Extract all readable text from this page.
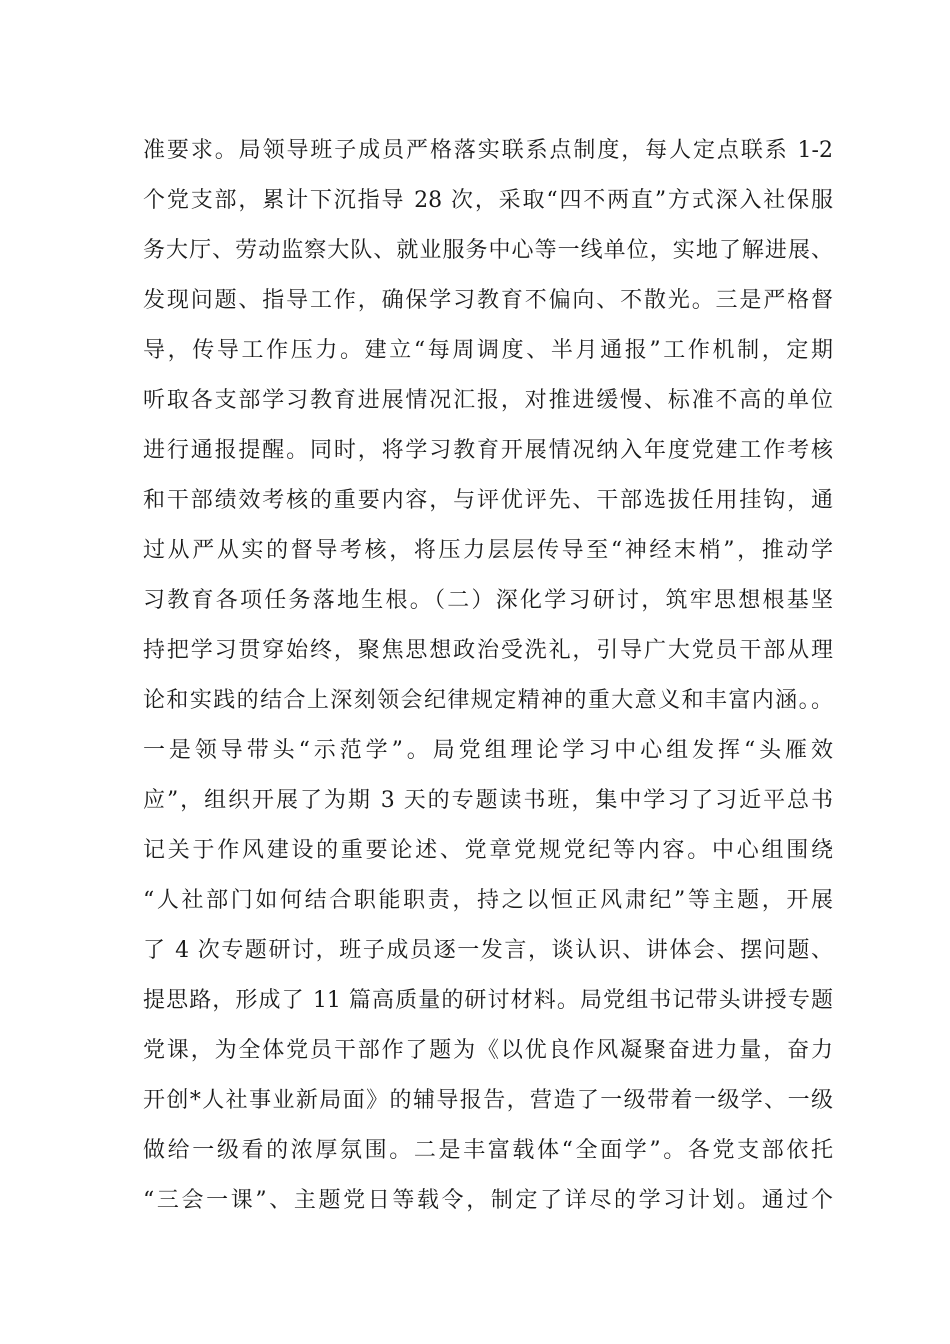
准要求。局领导班子成员严格落实联系点制度，每人定点联系 1-2
个党支部，累计下沉指导 28 次，采取“四不两直”方式深入社保服
务大厅、劳动监察大队、就业服务中心等一线单位，实地了解进展、
发现问题、指导工作，确保学习教育不偏向、不散光。三是严格督
导，传导工作压力。建立“每周调度、半月通报”工作机制，定期
听取各支部学习教育进展情况汇报，对推进缓慢、标准不高的单位
进行通报提醒。同时，将学习教育开展情况纳入年度党建工作考核
和干部绩效考核的重要内容，与评优评先、干部选拔任用挂钩，通
过从严从实的督导考核，将压力层层传导至“神经末梢”，推动学
习教育各项任务落地生根。（二）深化学习研讨，筑牢思想根基坚
持把学习贯穿始终，聚焦思想政治受洗礼，引导广大党员干部从理
论和实践的结合上深刻领会纪律规定精神的重大意义和丰富内涵。。
一是领导带头“示范学”。局党组理论学习中心组发挥“头雁效
应”，组织开展了为期 3 天的专题读书班，集中学习了习近平总书
记关于作风建设的重要论述、党章党规党纪等内容。中心组围绕
“人社部门如何结合职能职责，持之以恒正风肃纪”等主题，开展
了 4 次专题研讨，班子成员逐一发言，谈认识、讲体会、摆问题、
提思路，形成了 11 篇高质量的研讨材料。局党组书记带头讲授专题
党课，为全体党员干部作了题为《以优良作风凝聚奋进力量，奋力
开创*人社事业新局面》的辅导报告，营造了一级带着一级学、一级
做给一级看的浓厚氛围。二是丰富载体“全面学”。各党支部依托
“三会一课”、主题党日等载令，制定了详尽的学习计划。通过个
